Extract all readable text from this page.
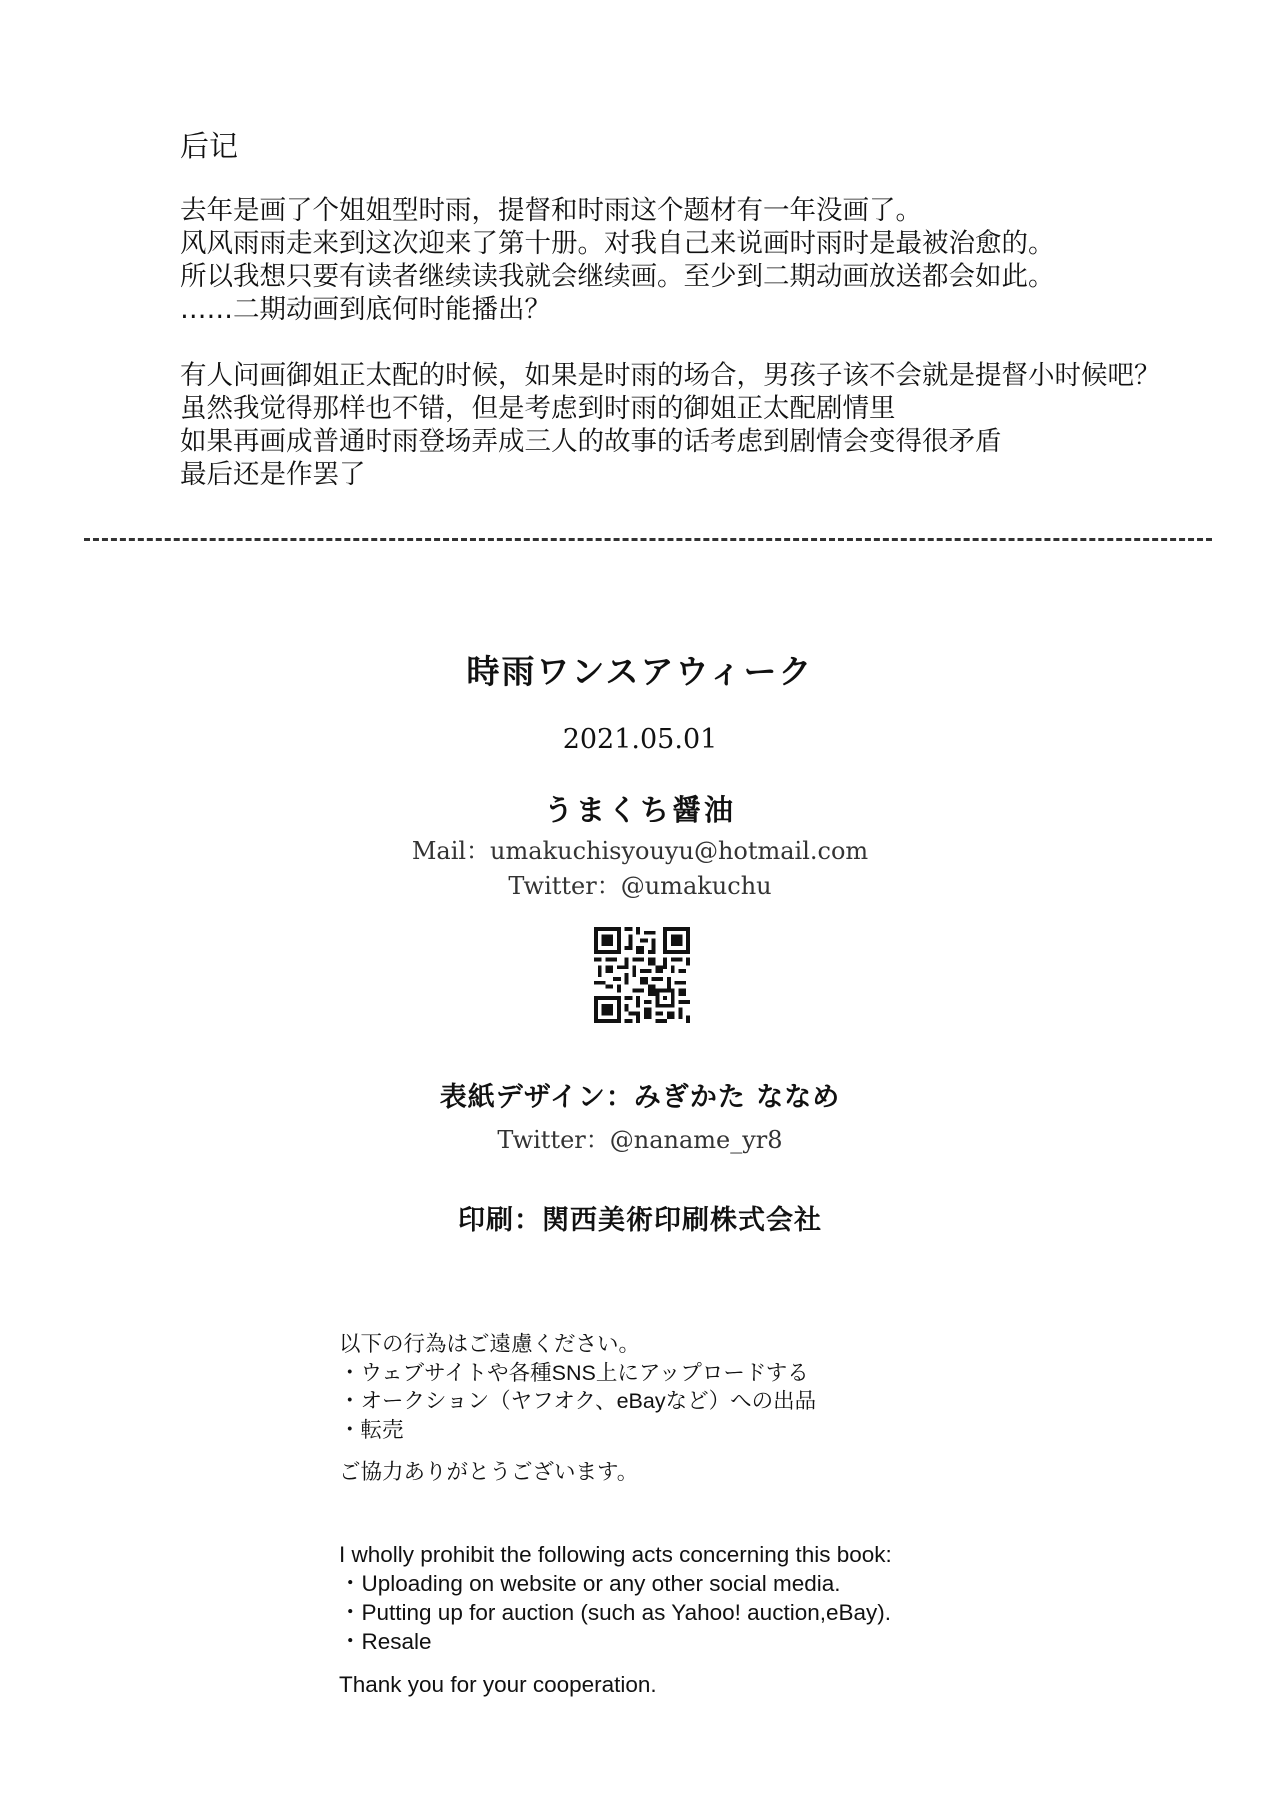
后记
去年是画了个姐姐型时雨，提督和时雨这个题材有一年没画了。
风风雨雨走来到这次迎来了第十册。对我自己来说画时雨时是最被治愈的。
所以我想只要有读者继续读我就会继续画。至少到二期动画放送都会如此。
……二期动画到底何时能播出？
有人问画御姐正太配的时候，如果是时雨的场合，男孩子该不会就是提督小时候吧？
虽然我觉得那样也不错，但是考虑到时雨的御姐正太配剧情里
如果再画成普通时雨登场弄成三人的故事的话考虑到剧情会变得很矛盾
最后还是作罢了
時雨ワンスアウィーク
2021.05.01
うまくち醤油
Mail：umakuchisyouyu@hotmail.com
Twitter：@umakuchu
表紙デザイン：みぎかた ななめ
Twitter：@naname_yr8
印刷：関西美術印刷株式会社
以下の行為はご遠慮ください。
・ウェブサイトや各種SNS上にアップロードする
・オークション（ヤフオク、eBayなど）への出品
・転売
ご協力ありがとうございます。
I wholly prohibit the following acts concerning this book:
・Uploading on website or any other social media.
・Putting up for auction (such as Yahoo! auction,eBay).
・Resale
Thank you for your cooperation.
